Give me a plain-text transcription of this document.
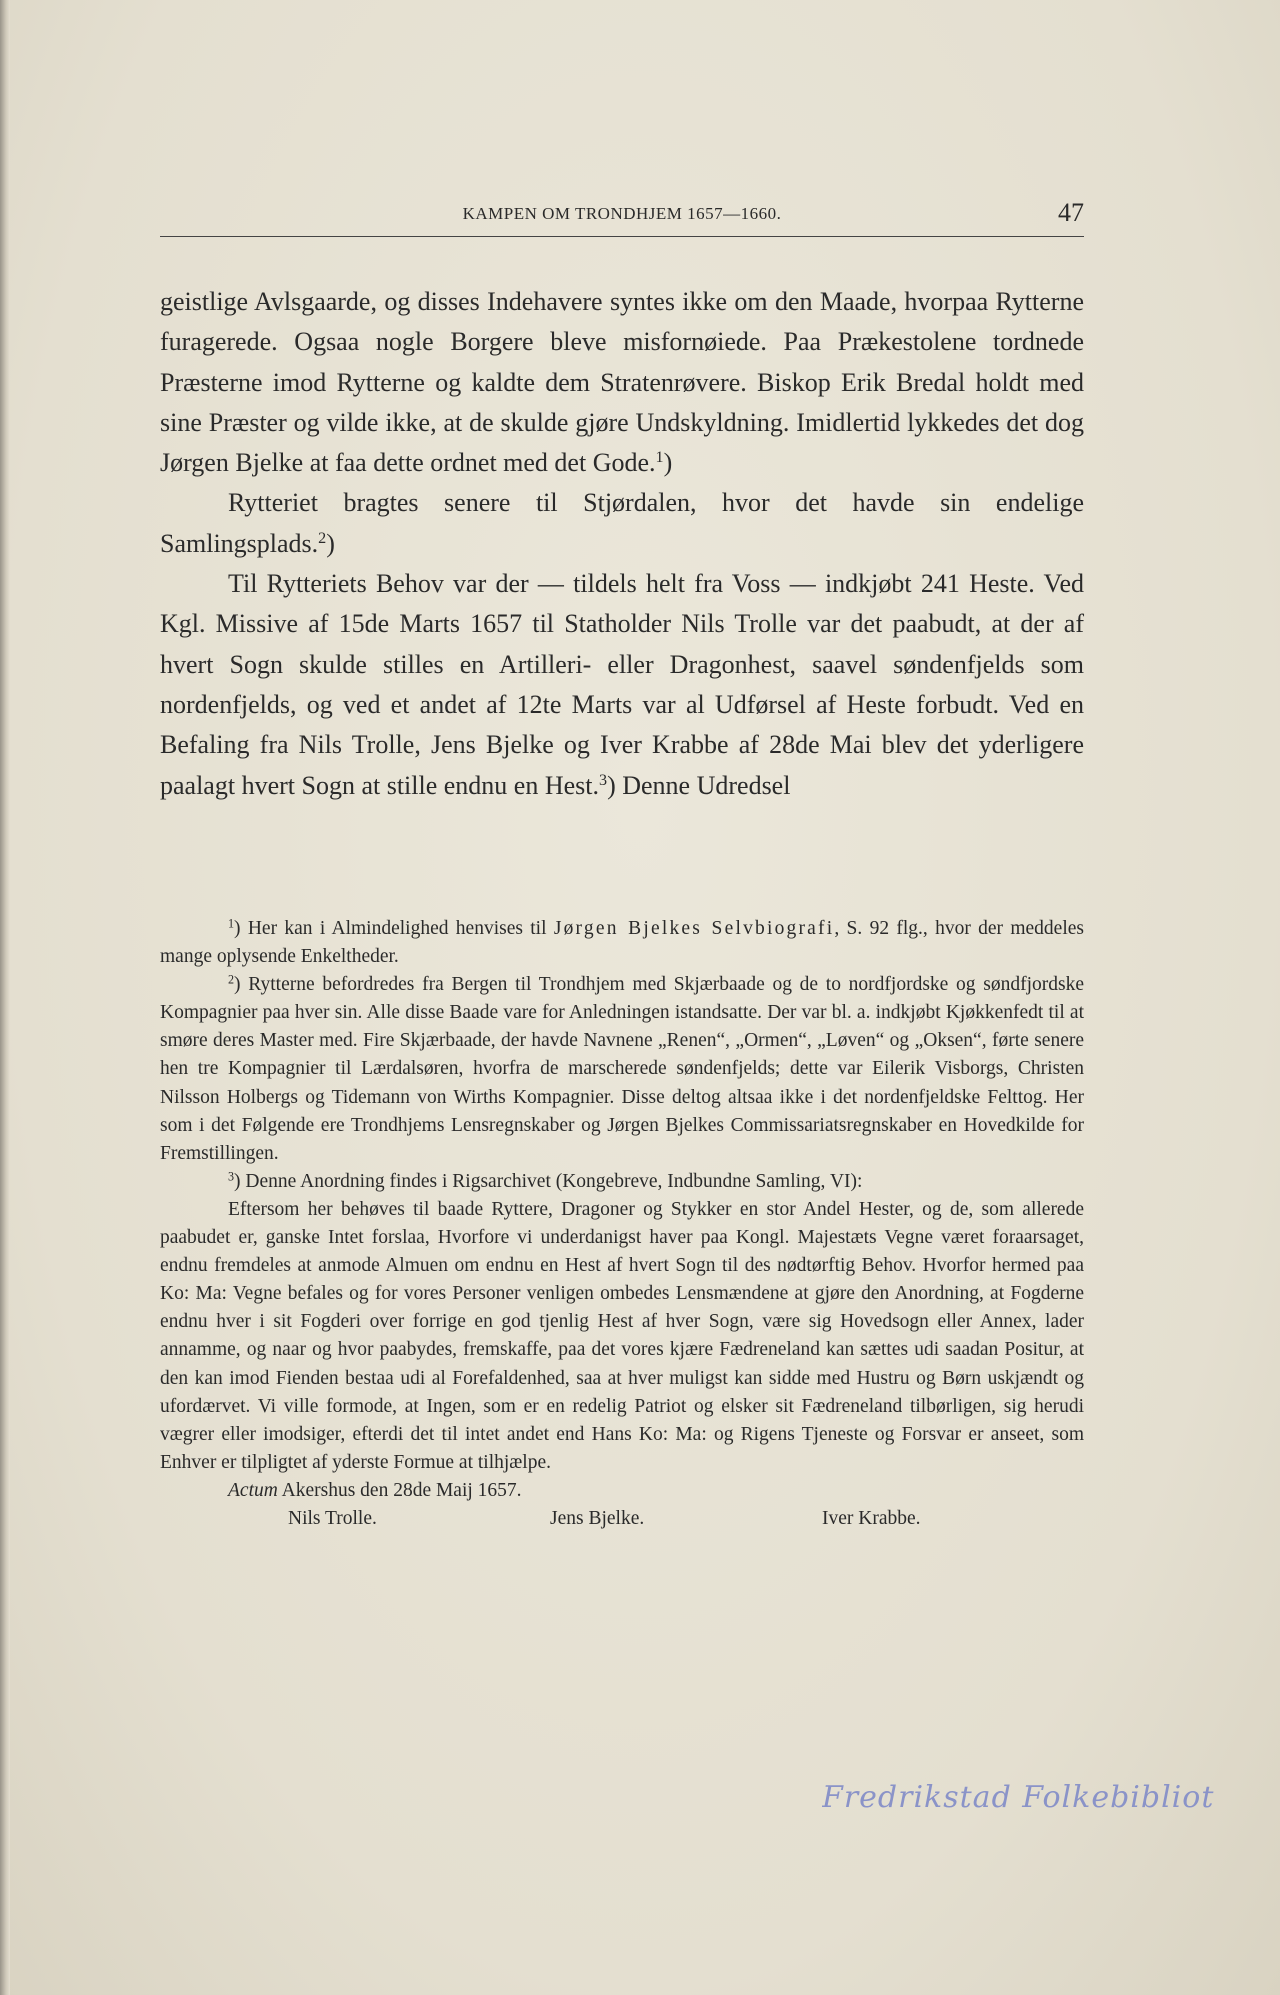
KAMPEN OM TRONDHJEM 1657—1660.	47

geistlige Avlsgaarde, og disses Indehavere syntes ikke om den Maade, hvorpaa Rytterne furagerede. Ogsaa nogle Borgere bleve misfornøiede. Paa Prækestolene tordnede Præsterne imod Rytterne og kaldte dem Stratenrøvere. Biskop Erik Bredal holdt med sine Præster og vilde ikke, at de skulde gjøre Undskyldning. Imidlertid lykkedes det dog Jørgen Bjelke at faa dette ordnet med det Gode.$^1$)

Rytteriet bragtes senere til Stjørdalen, hvor det havde sin endelige Samlingsplads.$^2$)

Til Rytteriets Behov var der — tildels helt fra Voss — indkjøbt 241 Heste. Ved Kgl. Missive af 15de Marts 1657 til Statholder Nils Trolle var det paabudt, at der af hvert Sogn skulde stilles en Artilleri- eller Dragonhest, saavel søndenfjelds som nordenfjelds, og ved et andet af 12te Marts var al Udførsel af Heste forbudt. Ved en Befaling fra Nils Trolle, Jens Bjelke og Iver Krabbe af 28de Mai blev det yderligere paalagt hvert Sogn at stille endnu en Hest.$^3$) Denne Udredsel

$^1$) Her kan i Almindelighed henvises til Jørgen Bjelkes Selvbiografi, S. 92 flg., hvor der meddeles mange oplysende Enkeltheder.

$^2$) Rytterne befordredes fra Bergen til Trondhjem med Skjærbaade og de to nordfjordske og søndfjordske Kompagnier paa hver sin. Alle disse Baade vare for Anledningen istandsatte. Der var bl. a. indkjøbt Kjøkkenfedt til at smøre deres Master med. Fire Skjærbaade, der havde Navnene „Renen“, „Ormen“, „Løven“ og „Oksen“, førte senere hen tre Kompagnier til Lærdalsøren, hvorfra de marscherede søndenfjelds; dette var Eilerik Visborgs, Christen Nilsson Holbergs og Tidemann von Wirths Kompagnier. Disse deltog altsaa ikke i det nordenfjeldske Felttog. Her som i det Følgende ere Trondhjems Lensregnskaber og Jørgen Bjelkes Commissariatsregnskaber en Hovedkilde for Fremstillingen.

$^3$) Denne Anordning findes i Rigsarchivet (Kongebreve, Indbundne Samling, VI):

Eftersom her behøves til baade Ryttere, Dragoner og Stykker en stor Andel Hester, og de, som allerede paabudet er, ganske Intet forslaa, Hvorfore vi underdanigst haver paa Kongl. Majestæts Vegne været foraarsaget, endnu fremdeles at anmode Almuen om endnu en Hest af hvert Sogn til des nødtørftig Behov. Hvorfor hermed paa Ko: Ma: Vegne befales og for vores Personer venligen ombedes Lensmændene at gjøre den Anordning, at Fogderne endnu hver i sit Fogderi over forrige en god tjenlig Hest af hver Sogn, være sig Hovedsogn eller Annex, lader annamme, og naar og hvor paabydes, fremskaffe, paa det vores kjære Fædreneland kan sættes udi saadan Positur, at den kan imod Fienden bestaa udi al Forefaldenhed, saa at hver muligst kan sidde med Hustru og Børn uskjændt og ufordærvet. Vi ville formode, at Ingen, som er en redelig Patriot og elsker sit Fædreneland tilbørligen, sig herudi vægrer eller imodsiger, efterdi det til intet andet end Hans Ko: Ma: og Rigens Tjeneste og Forsvar er anseet, som Enhver er tilpligtet af yderste Formue at tilhjælpe.

Actum Akershus den 28de Maij 1657.

Nils Trolle.	Jens Bjelke.	Iver Krabbe.
Fredrikstad Folkebibliot
